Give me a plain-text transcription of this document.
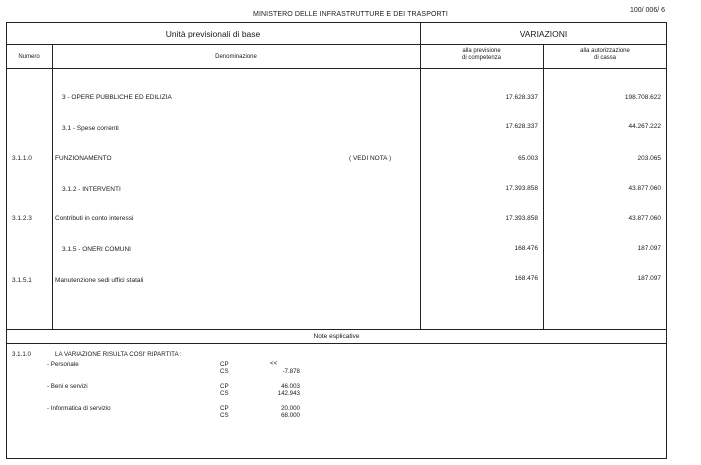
MINISTERO DELLE INFRASTRUTTURE E DEI TRASPORTI
100/ 006/ 6
Unità previsionali di base	VARIAZIONI
Numero	Denominazione
alla previsione
di competenza
alla autorizzazione
di cassa
3 - OPERE PUBBLICHE ED EDILIZIA	17.628.337	198.708.622
3.1 - Spese correnti	17.628.337	44.267.222
3.1.1.0	FUNZIONAMENTO	( VEDI NOTA )	65.003	203.065
3.1.2 - INTERVENTI	17.393.858	43.877.060
3.1.2.3	Contributi in conto interessi	17.393.858	43.877.060
3.1.5 - ONERI COMUNI	168.476	187.097
3.1.5.1	Manutenzione sedi uffici statali	168.476	187.097
Note esplicative
3.1.1.0	LA VARIAZIONE RISULTA COSI' RIPARTITA :
- Personale	CP	<<
CS	-7.878
- Beni e servizi	CP	46.003
CS	142.943
- Informatica di servizio	CP	20.000
CS	68.000
